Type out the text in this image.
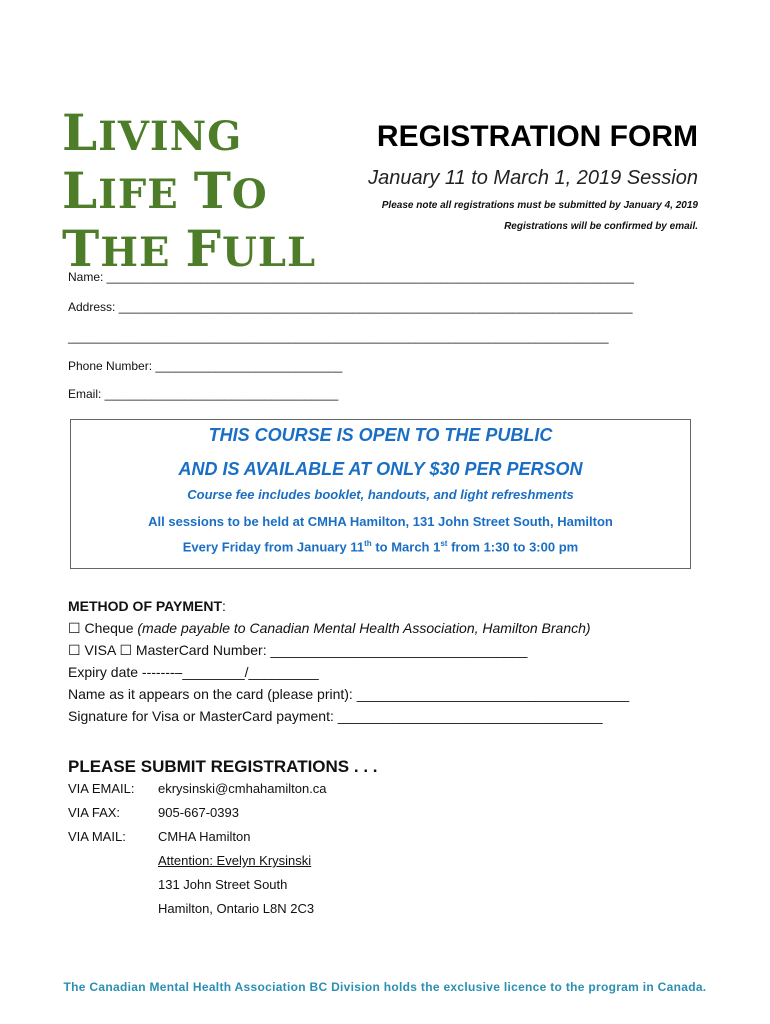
LIVING
LIFE TO
THE FULL
REGISTRATION FORM
January 11 to March 1, 2019 Session
Please note all registrations must be submitted by January 4, 2019
Registrations will be confirmed by email.
Name: _______________________________________________________________________________
Address: _____________________________________________________________________________
_________________________________________________________________________________
Phone Number: ____________________________
Email: ___________________________________
THIS COURSE IS OPEN TO THE PUBLIC
AND IS AVAILABLE AT ONLY $30 PER PERSON
Course fee includes booklet, handouts, and light refreshments
All sessions to be held at CMHA Hamilton, 131 John Street South, Hamilton
Every Friday from January 11th to March 1st from 1:30 to 3:00 pm
METHOD OF PAYMENT:
☐ Cheque (made payable to Canadian Mental Health Association, Hamilton Branch)
☐ VISA ☐ MasterCard Number: _________________________________
Expiry date -------–________/_________
Name as it appears on the card (please print): ___________________________________
Signature for Visa or MasterCard payment: __________________________________
PLEASE SUBMIT REGISTRATIONS . . .
VIA EMAIL: ekrysinski@cmhahamilton.ca
VIA FAX:	905-667-0393
VIA MAIL: CMHA Hamilton
Attention: Evelyn Krysinski
131 John Street South
Hamilton, Ontario L8N 2C3
The Canadian Mental Health Association BC Division holds the exclusive licence to the program in Canada.
